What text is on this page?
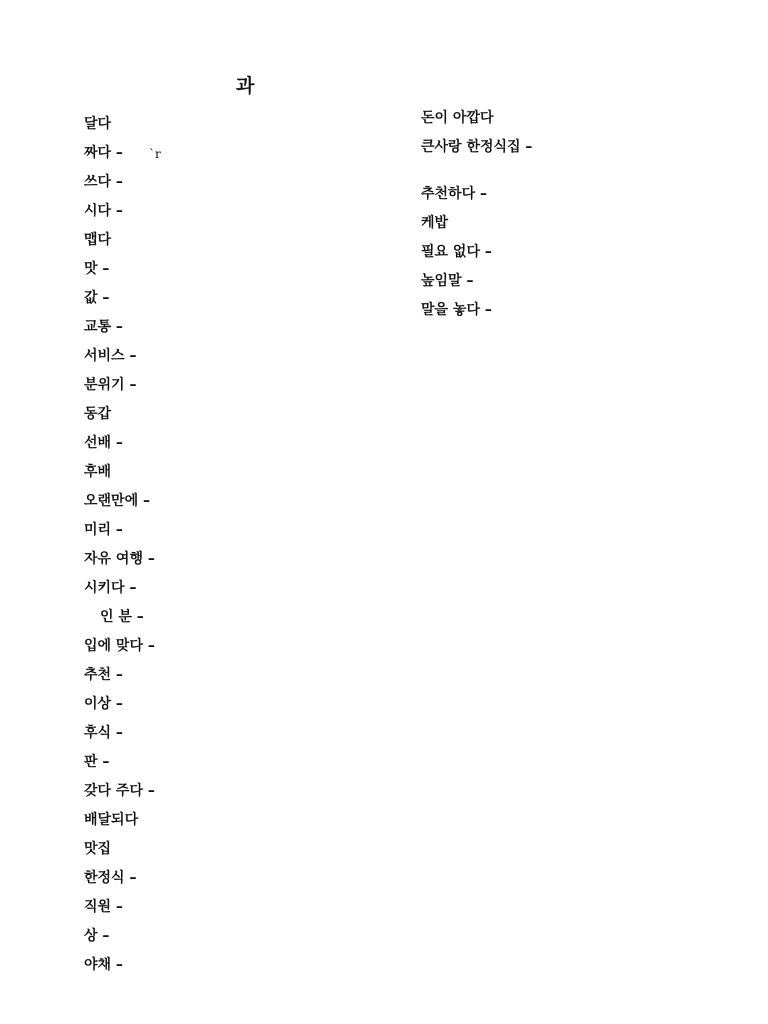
과
달다
짜다 – `r
쓰다 –
시다 –
맵다
맛 –
값 –
교통 –
서비스 –
분위기 –
동갑
선배 –
후배
오랜만에 –
미리 –
자유 여행 –
시키다 –
인 분 –
입에 맞다 –
추천 –
이상 –
후식 –
판 –
갖다 주다 –
배달되다
맛집
한정식 –
직원 –
상 –
야채 –
돈이 아깝다
큰사랑 한정식집 –
추천하다 –
케밥
필요 없다 –
높임말 –
말을 놓다 –
